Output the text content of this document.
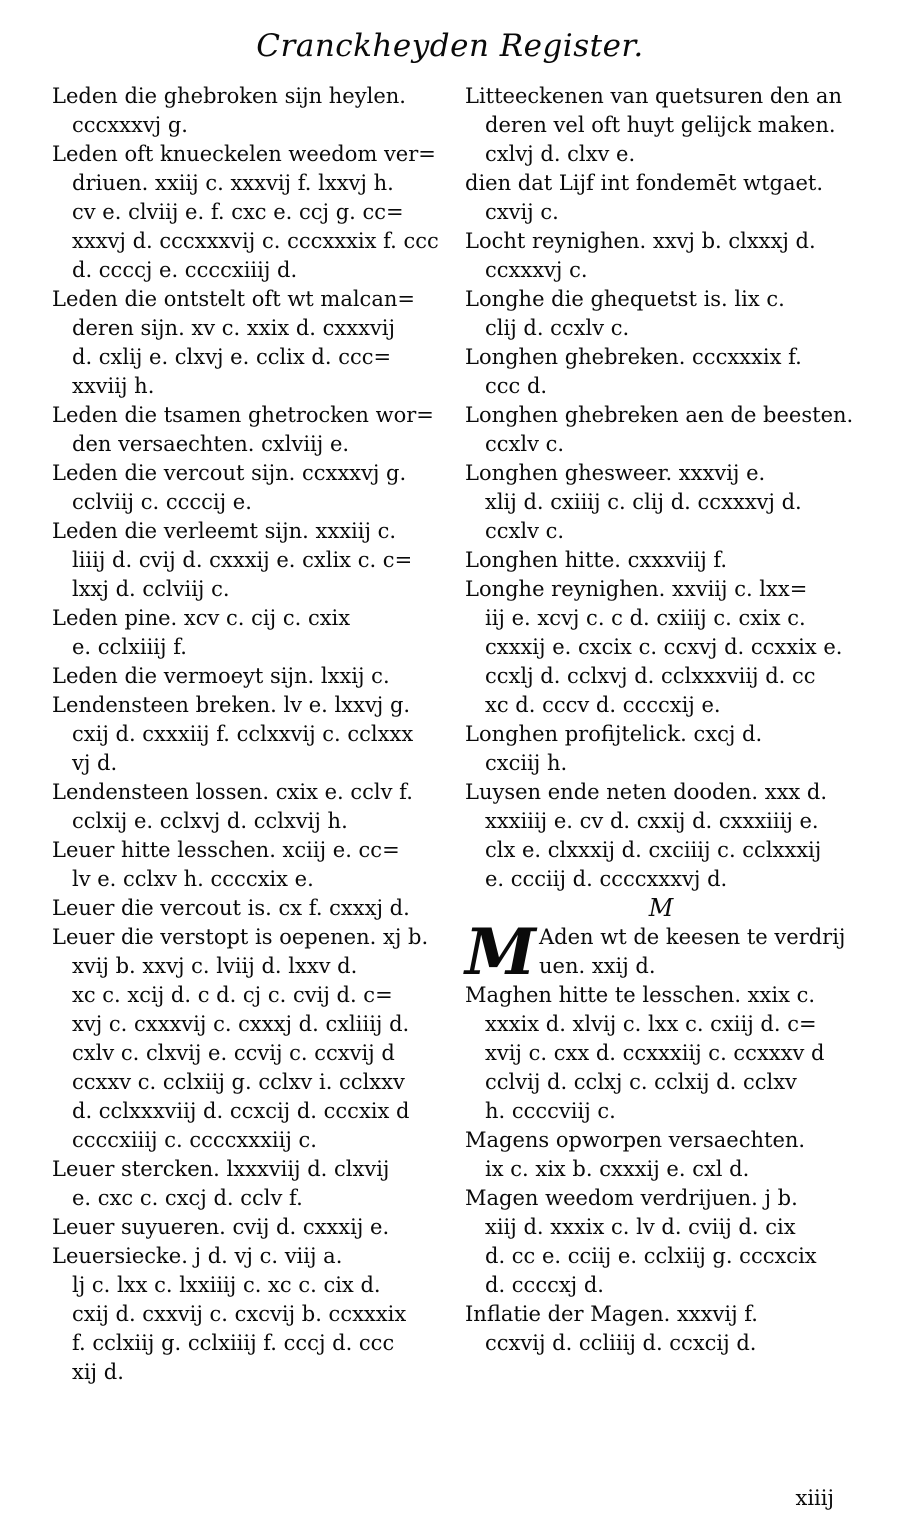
Cranckheyden Register.
Leden die ghebroken sijn heylen.
cccxxxvj g.
Leden oft knueckelen weedom ver=
driuen. xxiij c. xxxvij f. lxxvj h.
cv e. clviij e. f. cxc e. ccj g. cc=
xxxvj d. cccxxxvij c. cccxxxix f. ccc
d. ccccj e. ccccxiiij d.
Leden die ontstelt oft wt malcan=
deren sijn. xv c. xxix d. cxxxvij
d. cxlij e. clxvj e. cclix d. ccc=
xxviij h.
Leden die tsamen ghetrocken wor=
den versaechten. cxlviij e.
Leden die vercout sijn. ccxxxvj g.
cclviij c. ccccij e.
Leden die verleemt sijn. xxxiij c.
liiij d. cvij d. cxxxij e. cxlix c. c=
lxxj d. cclviij c.
Leden pine. xcv c. cij c. cxix
e. cclxiiij f.
Leden die vermoeyt sijn. lxxij c.
Lendensteen breken. lv e. lxxvj g.
cxij d. cxxxiij f. cclxxvij c. cclxxx
vj d.
Lendensteen lossen. cxix e. cclv f.
cclxij e. cclxvj d. cclxvij h.
Leuer hitte lesschen. xciij e. cc=
lv e. cclxv h. ccccxix e.
Leuer die vercout is. cx f. cxxxj d.
Leuer die verstopt is oepenen. xj b.
xvij b. xxvj c. lviij d. lxxv d.
xc c. xcij d. c d. cj c. cvij d. c=
xvj c. cxxxvij c. cxxxj d. cxliiij d.
cxlv c. clxvij e. ccvij c. ccxvij d
ccxxv c. cclxiij g. cclxv i. cclxxv
d. cclxxxviij d. ccxcij d. cccxix d
ccccxiiij c. ccccxxxiij c.
Leuer stercken. lxxxviij d. clxvij
e. cxc c. cxcj d. cclv f.
Leuer suyueren. cvij d. cxxxij e.
Leuersiecke. j d. vj c. viij a.
lj c. lxx c. lxxiiij c. xc c. cix d.
cxij d. cxxvij c. cxcvij b. ccxxxix
f. cclxiij g. cclxiiij f. cccj d. ccc
xij d.
Litteeckenen van quetsuren den an
deren vel oft huyt gelijck maken.
cxlvj d. clxv e.
dien dat Lijf int fondemēt wtgaet.
cxvij c.
Locht reynighen. xxvj b. clxxxj d.
ccxxxvj c.
Longhe die ghequetst is. lix c.
clij d. ccxlv c.
Longhen ghebreken. cccxxxix f.
ccc d.
Longhen ghebreken aen de beesten.
ccxlv c.
Longhen ghesweer. xxxvij e.
xlij d. cxiiij c. clij d. ccxxxvj d.
ccxlv c.
Longhen hitte. cxxxviij f.
Longhe reynighen. xxviij c. lxx=
iij e. xcvj c. c d. cxiiij c. cxix c.
cxxxij e. cxcix c. ccxvj d. ccxxix e.
ccxlj d. cclxvj d. cclxxxviij d. cc
xc d. cccv d. ccccxij e.
Longhen profijtelick. cxcj d.
cxciij h.
Luysen ende neten dooden. xxx d.
xxxiiij e. cv d. cxxij d. cxxxiiij e.
clx e. clxxxij d. cxciiij c. cclxxxij
e. ccciij d. ccccxxxvj d.
M
M Aden wt de keesen te verdrij
uen. xxij d.
Maghen hitte te lesschen. xxix c.
xxxix d. xlvij c. lxx c. cxiij d. c=
xvij c. cxx d. ccxxxiij c. ccxxxv d
cclvij d. cclxj c. cclxij d. cclxv
h. ccccviij c.
Magens opworpen versaechten.
ix c. xix b. cxxxij e. cxl d.
Magen weedom verdrijuen. j b.
xiij d. xxxix c. lv d. cviij d. cix
d. cc e. cciij e. cclxiij g. cccxcix
d. ccccxj d.
Inflatie der Magen. xxxvij f.
ccxvij d. ccliiij d. ccxcij d.
xiiij
